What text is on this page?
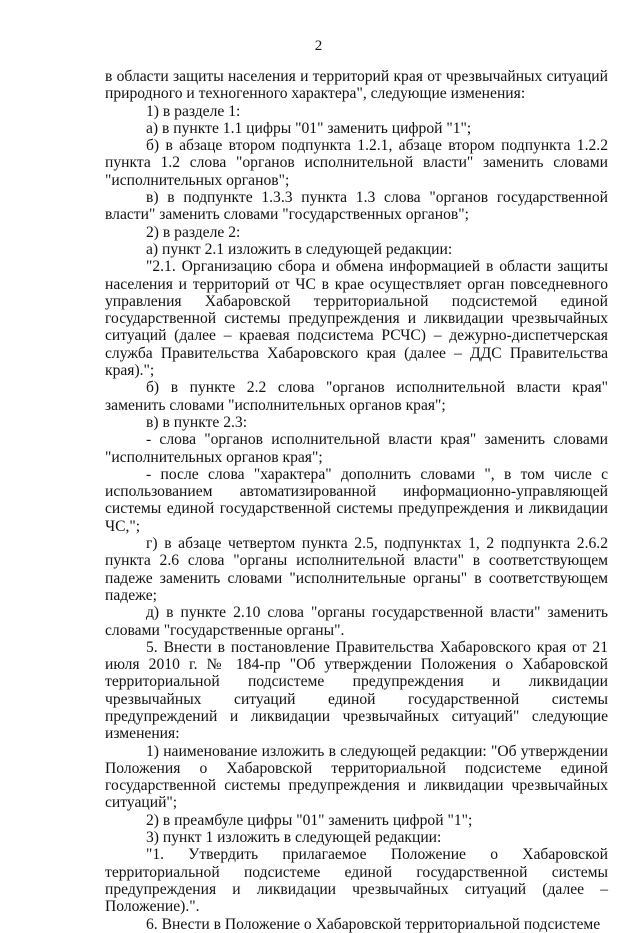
2

в области защиты населения и территорий края от чрезвычайных ситуаций природного и техногенного характера", следующие изменения:

1) в разделе 1:

а) в пункте 1.1 цифры "01" заменить цифрой "1";

б) в абзаце втором подпункта 1.2.1, абзаце втором подпункта 1.2.2 пункта 1.2 слова "органов исполнительной власти" заменить словами "исполнительных органов";

в) в подпункте 1.3.3 пункта 1.3 слова "органов государственной власти" заменить словами "государственных органов";

2) в разделе 2:

а) пункт 2.1 изложить в следующей редакции:

"2.1. Организацию сбора и обмена информацией в области защиты населения и территорий от ЧС в крае осуществляет орган повседневного управления Хабаровской территориальной подсистемой единой государственной системы предупреждения и ликвидации чрезвычайных ситуаций (далее – краевая подсистема РСЧС) – дежурно-диспетчерская служба Правительства Хабаровского края (далее – ДДС Правительства края).";

б) в пункте 2.2 слова "органов исполнительной власти края" заменить словами "исполнительных органов края";

в) в пункте 2.3:

- слова "органов исполнительной власти края" заменить словами "исполнительных органов края";

- после слова "характера" дополнить словами ", в том числе с использованием автоматизированной информационно-управляющей системы единой государственной системы предупреждения и ликвидации ЧС,";

г) в абзаце четвертом пункта 2.5, подпунктах 1, 2 подпункта 2.6.2 пункта 2.6 слова "органы исполнительной власти" в соответствующем падеже заменить словами "исполнительные органы" в соответствующем падеже;

д) в пункте 2.10 слова "органы государственной власти" заменить словами "государственные органы".

5. Внести в постановление Правительства Хабаровского края от 21 июля 2010 г. № 184-пр "Об утверждении Положения о Хабаровской территориальной подсистеме предупреждения и ликвидации чрезвычайных ситуаций единой государственной системы предупреждений и ликвидации чрезвычайных ситуаций" следующие изменения:

1) наименование изложить в следующей редакции: "Об утверждении Положения о Хабаровской территориальной подсистеме единой государственной системы предупреждения и ликвидации чрезвычайных ситуаций";

2) в преамбуле цифры "01" заменить цифрой "1";

3) пункт 1 изложить в следующей редакции:

"1. Утвердить прилагаемое Положение о Хабаровской территориальной подсистеме единой государственной системы предупреждения и ликвидации чрезвычайных ситуаций (далее – Положение).".

6. Внести в Положение о Хабаровской территориальной подсистеме
